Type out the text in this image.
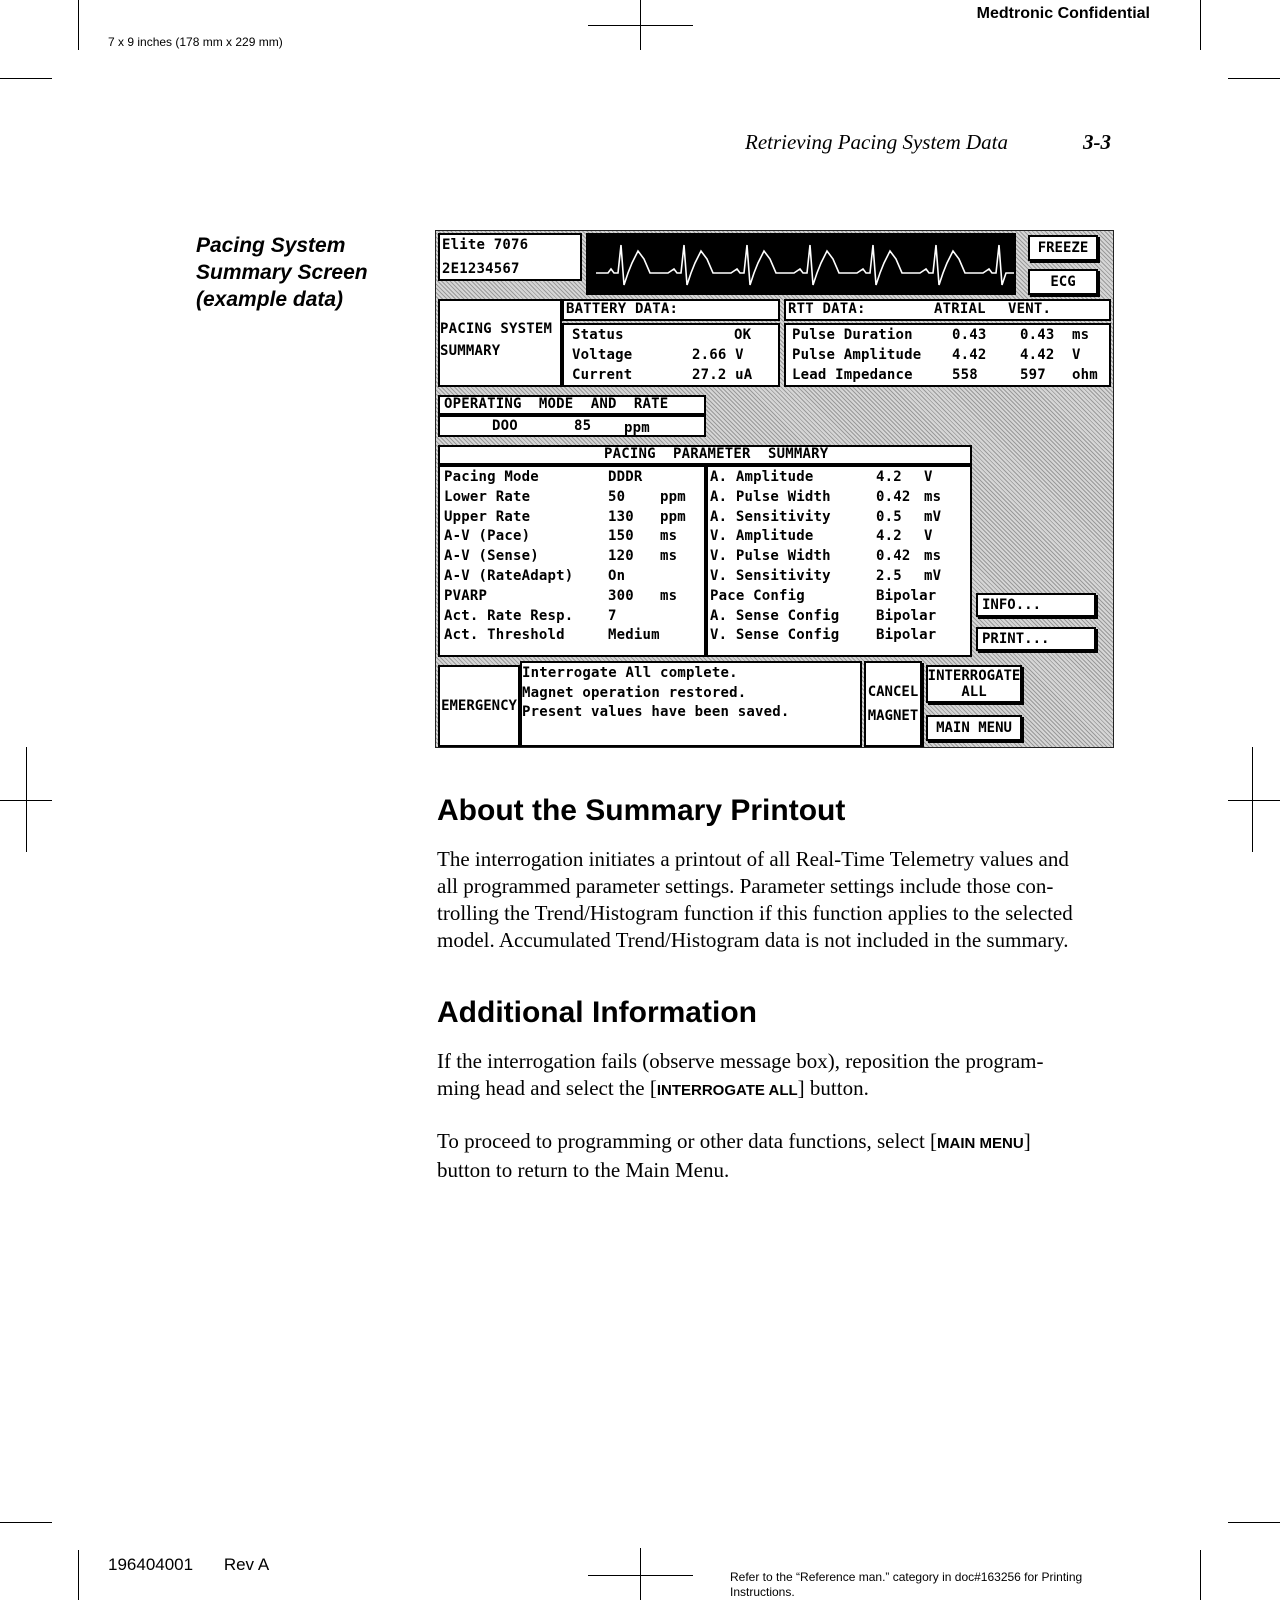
Medtronic Confidential
7 x 9 inches (178 mm x 229 mm)
Retrieving Pacing System Data	3-3
Pacing System
Summary Screen
(example data)
Elite 7076
2E1234567
FREEZE
ECG
PACING SYSTEM
SUMMARY
BATTERY DATA:
Status	OK
Voltage	2.66 V
Current	27.2 uA
RTT DATA:	ATRIAL VENT.
Pulse Duration	0.43 0.43 ms
Pulse Amplitude 4.42 4.42 V
Lead Impedance	558	597 ohm
OPERATING  MODE  AND  RATE
DOO	85 ppm
PACING  PARAMETER  SUMMARY
Pacing Mode	DDDR
Lower Rate	50 ppm
Upper Rate	130 ppm
A-V (Pace)	150 ms
A-V (Sense)	120 ms
A-V (RateAdapt) On
PVARP	300 ms
Act. Rate Resp. 7
Act. Threshold	Medium
A. Amplitude	4.2 V
A. Pulse Width	0.42 ms
A. Sensitivity	0.5 mV
V. Amplitude	4.2 V
V. Pulse Width	0.42 ms
V. Sensitivity	2.5 mV
Pace Config	Bipolar
A. Sense Config	Bipolar
V. Sense Config	Bipolar
INFO...
PRINT...
EMERGENCY
Interrogate All complete.
Magnet operation restored.
Present values have been saved.
CANCEL
MAGNET
INTERROGATE
ALL
MAIN MENU
About the Summary Printout
The interrogation initiates a printout of all Real-Time Telemetry values and
all programmed parameter settings. Parameter settings include those con-
trolling the Trend/Histogram function if this function applies to the selected
model. Accumulated Trend/Histogram data is not included in the summary.
Additional Information
If the interrogation fails (observe message box), reposition the program-
ming head and select the [INTERROGATE ALL] button.
To proceed to programming or other data functions, select [MAIN MENU]
button to return to the Main Menu.
196404001 Rev A
Refer to the “Reference man.” category in doc#163256 for Printing
Instructions.
